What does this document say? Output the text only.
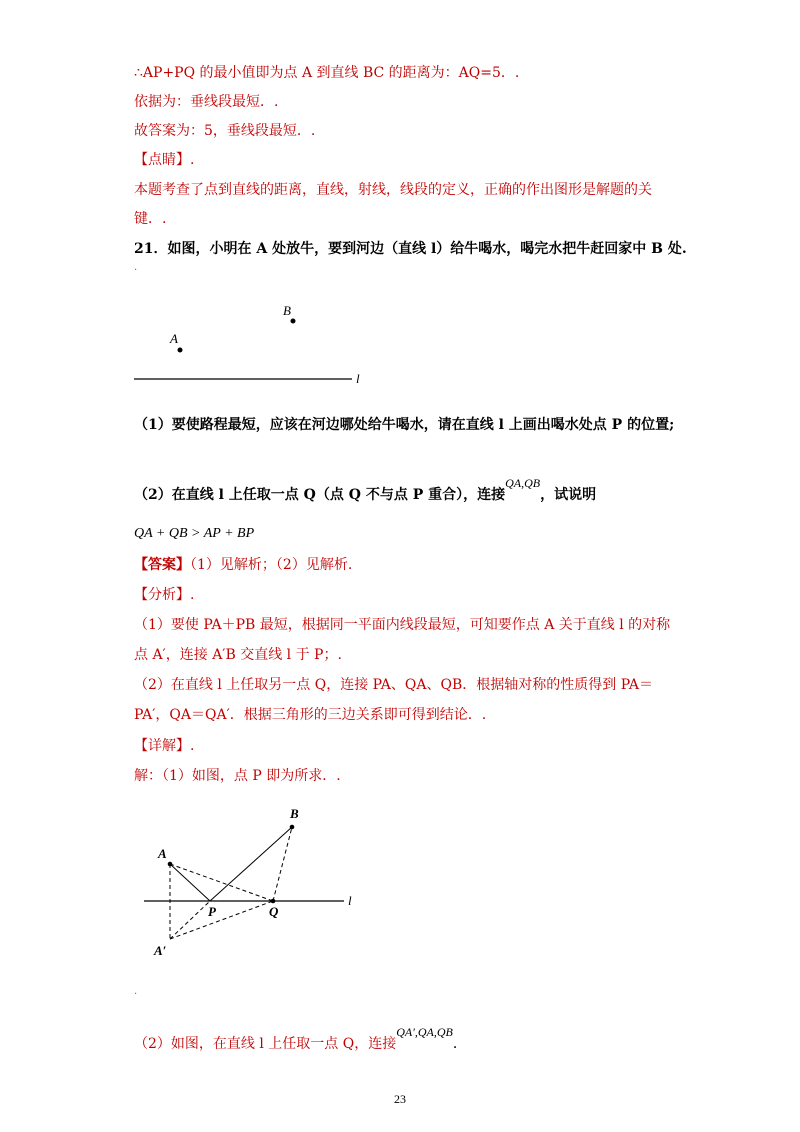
∴AP+PQ 的最小值即为点 A 到直线 BC 的距离为：AQ=5．.
依据为：垂线段最短．.
故答案为：5，垂线段最短．.
【点睛】.
本题考查了点到直线的距离，直线，射线，线段的定义，正确的作出图形是解题的关
键．.
21．如图，小明在 A 处放牛，要到河边（直线 l）给牛喝水，喝完水把牛赶回家中 B 处.
.
A
B
l
（1）要使路程最短，应该在河边哪处给牛喝水，请在直线 l 上画出喝水处点 P 的位置;
（2）在直线 l 上任取一点 Q（点 Q 不与点 P 重合），连接QA,QB，试说明
QA + QB > AP + BP
【答案】（1）见解析；（2）见解析.
【分析】.
（1）要使 PA＋PB 最短，根据同一平面内线段最短，可知要作点 A 关于直线 l 的对称
点 A′，连接 A′B 交直线 l 于 P；.
（2）在直线 l 上任取另一点 Q，连接 PA、QA、QB．根据轴对称的性质得到 PA＝
PA′，QA＝QA′．根据三角形的三边关系即可得到结论．.
【详解】.
解：（1）如图，点 P 即为所求．.
A
B
P	Q
A′
l
.
（2）如图，在直线 l 上任取一点 Q，连接QA′,QA,QB．
23
